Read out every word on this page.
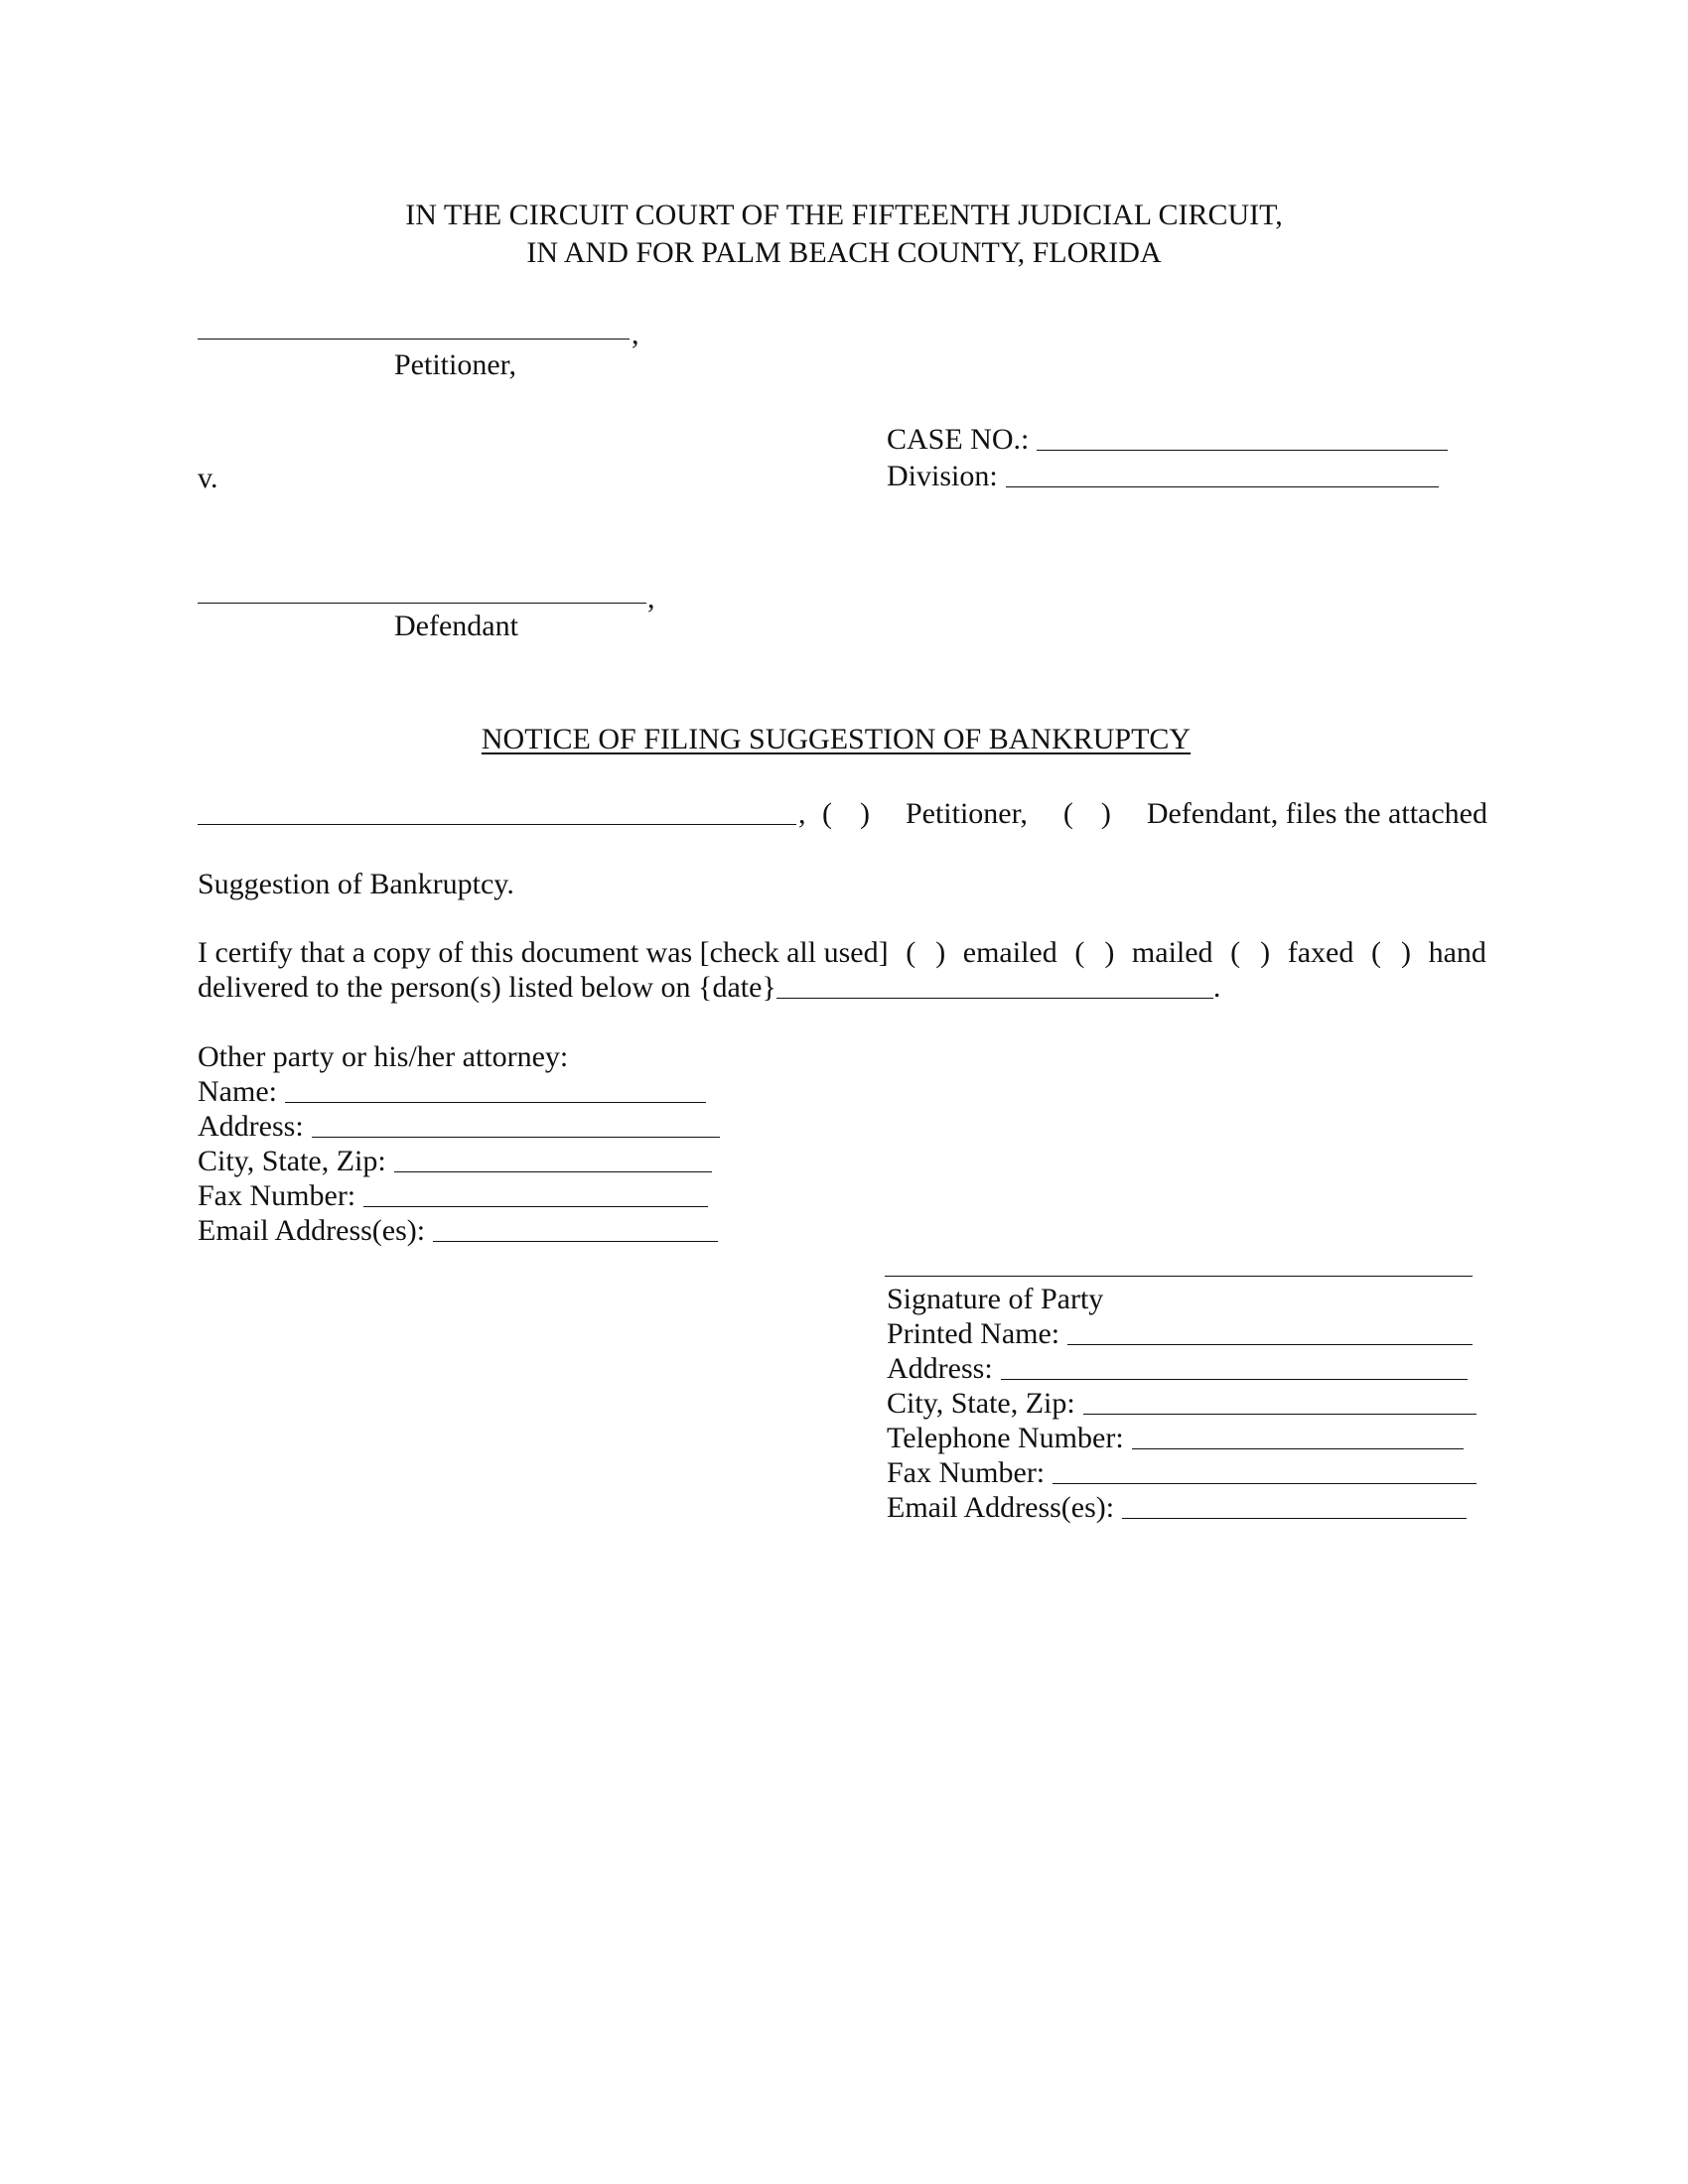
IN THE CIRCUIT COURT OF THE FIFTEENTH JUDICIAL CIRCUIT,
IN AND FOR PALM BEACH COUNTY, FLORIDA
,
Petitioner,
CASE NO.:
v.	Division:
,
Defendant
NOTICE OF FILING SUGGESTION OF BANKRUPTCY
, ( ) Petitioner, ( ) Defendant, files the attached
Suggestion of Bankruptcy.
I certify that a copy of this document was [check all used] ( ) emailed ( ) mailed ( ) faxed ( ) hand
delivered to the person(s) listed below on {date}	.
Other party or his/her attorney:
Name:
Address:
City, State, Zip:
Fax Number:
Email Address(es):
Signature of Party
Printed Name:
Address:
City, State, Zip:
Telephone Number:
Fax Number:
Email Address(es):
